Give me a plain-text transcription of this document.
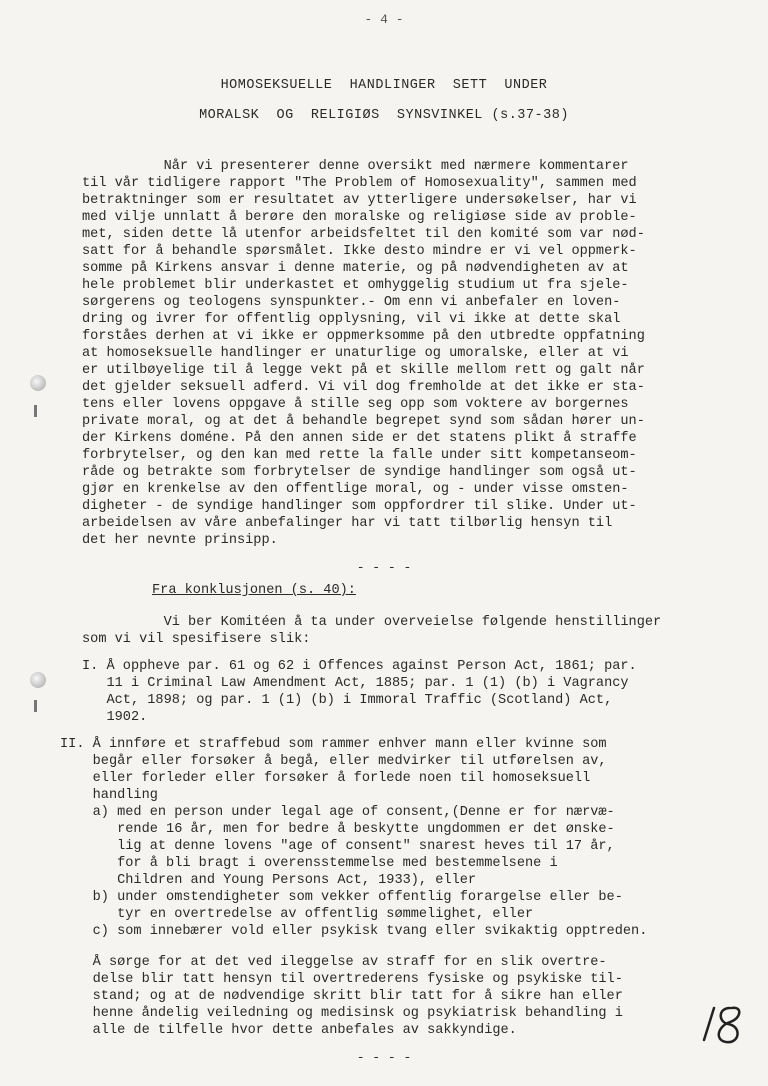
- 4 -
HOMOSEKSUELLE  HANDLINGER  SETT  UNDER
MORALSK  OG  RELIGIØS  SYNSVINKEL (s.37-38)
Når vi presenterer denne oversikt med nærmere kommentarer
til vår tidligere rapport "The Problem of Homosexuality", sammen med
betraktninger som er resultatet av ytterligere undersøkelser, har vi
med vilje unnlatt å berøre den moralske og religiøse side av proble-
met, siden dette lå utenfor arbeidsfeltet til den komité som var nød-
satt for å behandle spørsmålet. Ikke desto mindre er vi vel oppmerk-
somme på Kirkens ansvar i denne materie, og på nødvendigheten av at
hele problemet blir underkastet et omhyggelig studium ut fra sjele-
sørgerens og teologens synspunkter.- Om enn vi anbefaler en loven-
dring og ivrer for offentlig opplysning, vil vi ikke at dette skal
forståes derhen at vi ikke er oppmerksomme på den utbredte oppfatning
at homoseksuelle handlinger er unaturlige og umoralske, eller at vi
er utilbøyelige til å legge vekt på et skille mellom rett og galt når
det gjelder seksuell adferd. Vi vil dog fremholde at det ikke er sta-
tens eller lovens oppgave å stille seg opp som voktere av borgernes
private moral, og at det å behandle begrepet synd som sådan hører un-
der Kirkens doméne. På den annen side er det statens plikt å straffe
forbrytelser, og den kan med rette la falle under sitt kompetanseom-
råde og betrakte som forbrytelser de syndige handlinger som også ut-
gjør en krenkelse av den offentlige moral, og - under visse omsten-
digheter - de syndige handlinger som oppfordrer til slike. Under ut-
arbeidelsen av våre anbefalinger har vi tatt tilbørlig hensyn til
det her nevnte prinsipp.
- - - -
Fra konklusjonen (s. 40):
Vi ber Komitéen å ta under overveielse følgende henstillinger
som vi vil spesifisere slik:
I. Å oppheve par. 61 og 62 i Offences against Person Act, 1861; par.
11 i Criminal Law Amendment Act, 1885; par. 1 (1) (b) i Vagrancy
Act, 1898; og par. 1 (1) (b) i Immoral Traffic (Scotland) Act,
1902.
II. Å innføre et straffebud som rammer enhver mann eller kvinne som
begår eller forsøker å begå, eller medvirker til utførelsen av,
eller forleder eller forsøker å forlede noen til homoseksuell
handling
a) med en person under legal age of consent,(Denne er for nærvæ-
rende 16 år, men for bedre å beskytte ungdommen er det ønske-
lig at denne lovens "age of consent" snarest heves til 17 år,
for å bli bragt i overensstemmelse med bestemmelsene i
Children and Young Persons Act, 1933), eller
b) under omstendigheter som vekker offentlig forargelse eller be-
tyr en overtredelse av offentlig sømmelighet, eller
c) som innebærer vold eller psykisk tvang eller svikaktig opptreden.
Å sørge for at det ved ileggelse av straff for en slik overtre-
delse blir tatt hensyn til overtrederens fysiske og psykiske til-
stand; og at de nødvendige skritt blir tatt for å sikre han eller
henne åndelig veiledning og medisinsk og psykiatrisk behandling i
alle de tilfelle hvor dette anbefales av sakkyndige.
- - - -
